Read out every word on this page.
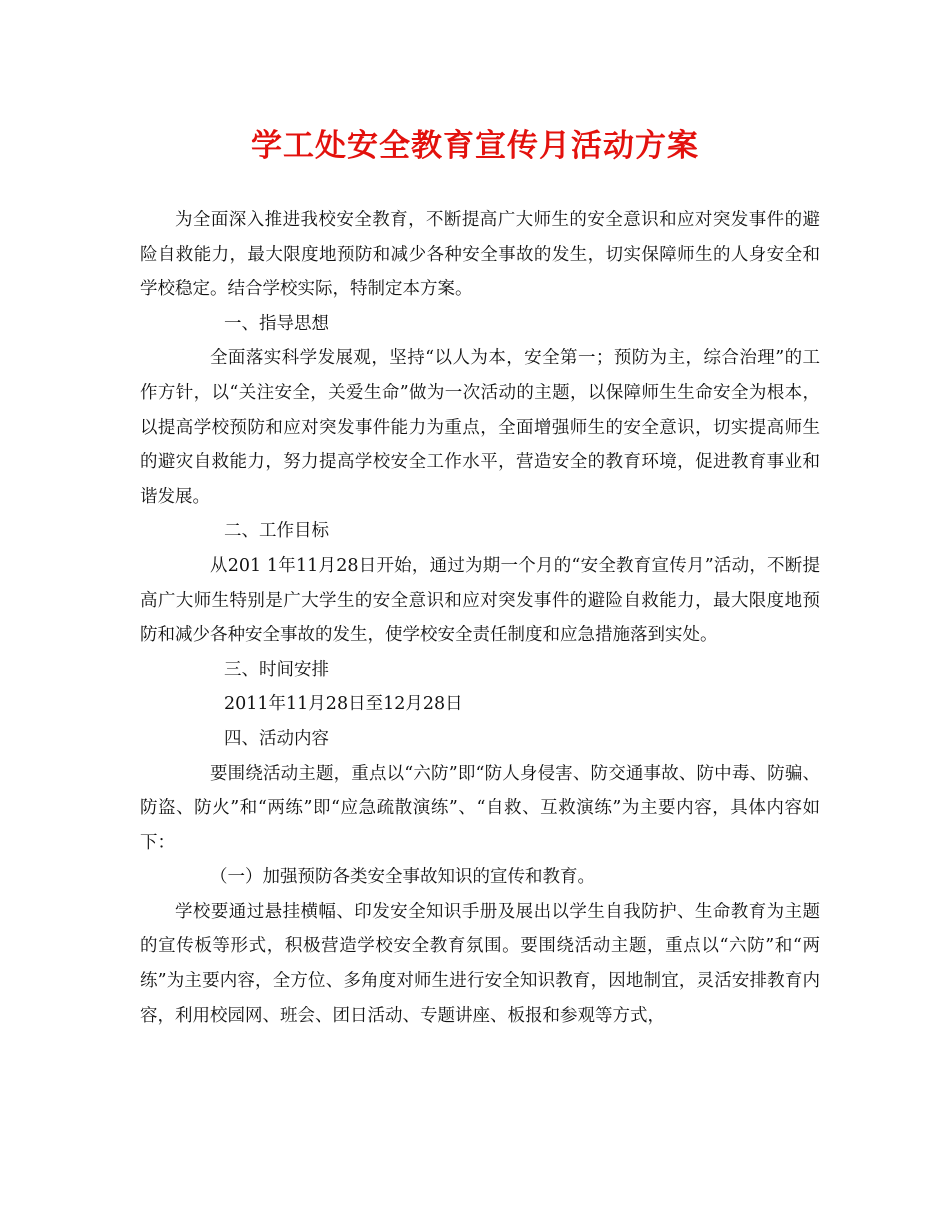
学工处安全教育宣传月活动方案

为全面深入推进我校安全教育，不断提高广大师生的安全意识和应对突发事件的避险自救能力，最大限度地预防和减少各种安全事故的发生，切实保障师生的人身安全和学校稳定。结合学校实际，特制定本方案。

一、指导思想

全面落实科学发展观，坚持“以人为本，安全第一；预防为主，综合治理”的工作方针，以“关注安全，关爱生命”做为一次活动的主题，以保障师生生命安全为根本，以提高学校预防和应对突发事件能力为重点，全面增强师生的安全意识，切实提高师生的避灾自救能力，努力提高学校安全工作水平，营造安全的教育环境，促进教育事业和谐发展。

二、工作目标

从201 1年11月28日开始，通过为期一个月的“安全教育宣传月”活动，不断提高广大师生特别是广大学生的安全意识和应对突发事件的避险自救能力，最大限度地预防和减少各种安全事故的发生，使学校安全责任制度和应急措施落到实处。

三、时间安排

2011年11月28日至12月28日

四、活动内容

要围绕活动主题，重点以“六防”即“防人身侵害、防交通事故、防中毒、防骗、防盗、防火”和“两练”即“应急疏散演练”、“自救、互救演练”为主要内容，具体内容如下：

（一）加强预防各类安全事故知识的宣传和教育。

学校要通过悬挂横幅、印发安全知识手册及展出以学生自我防护、生命教育为主题的宣传板等形式，积极营造学校安全教育氛围。要围绕活动主题，重点以“六防”和“两练”为主要内容，全方位、多角度对师生进行安全知识教育，因地制宜，灵活安排教育内容，利用校园网、班会、团日活动、专题讲座、板报和参观等方式，
